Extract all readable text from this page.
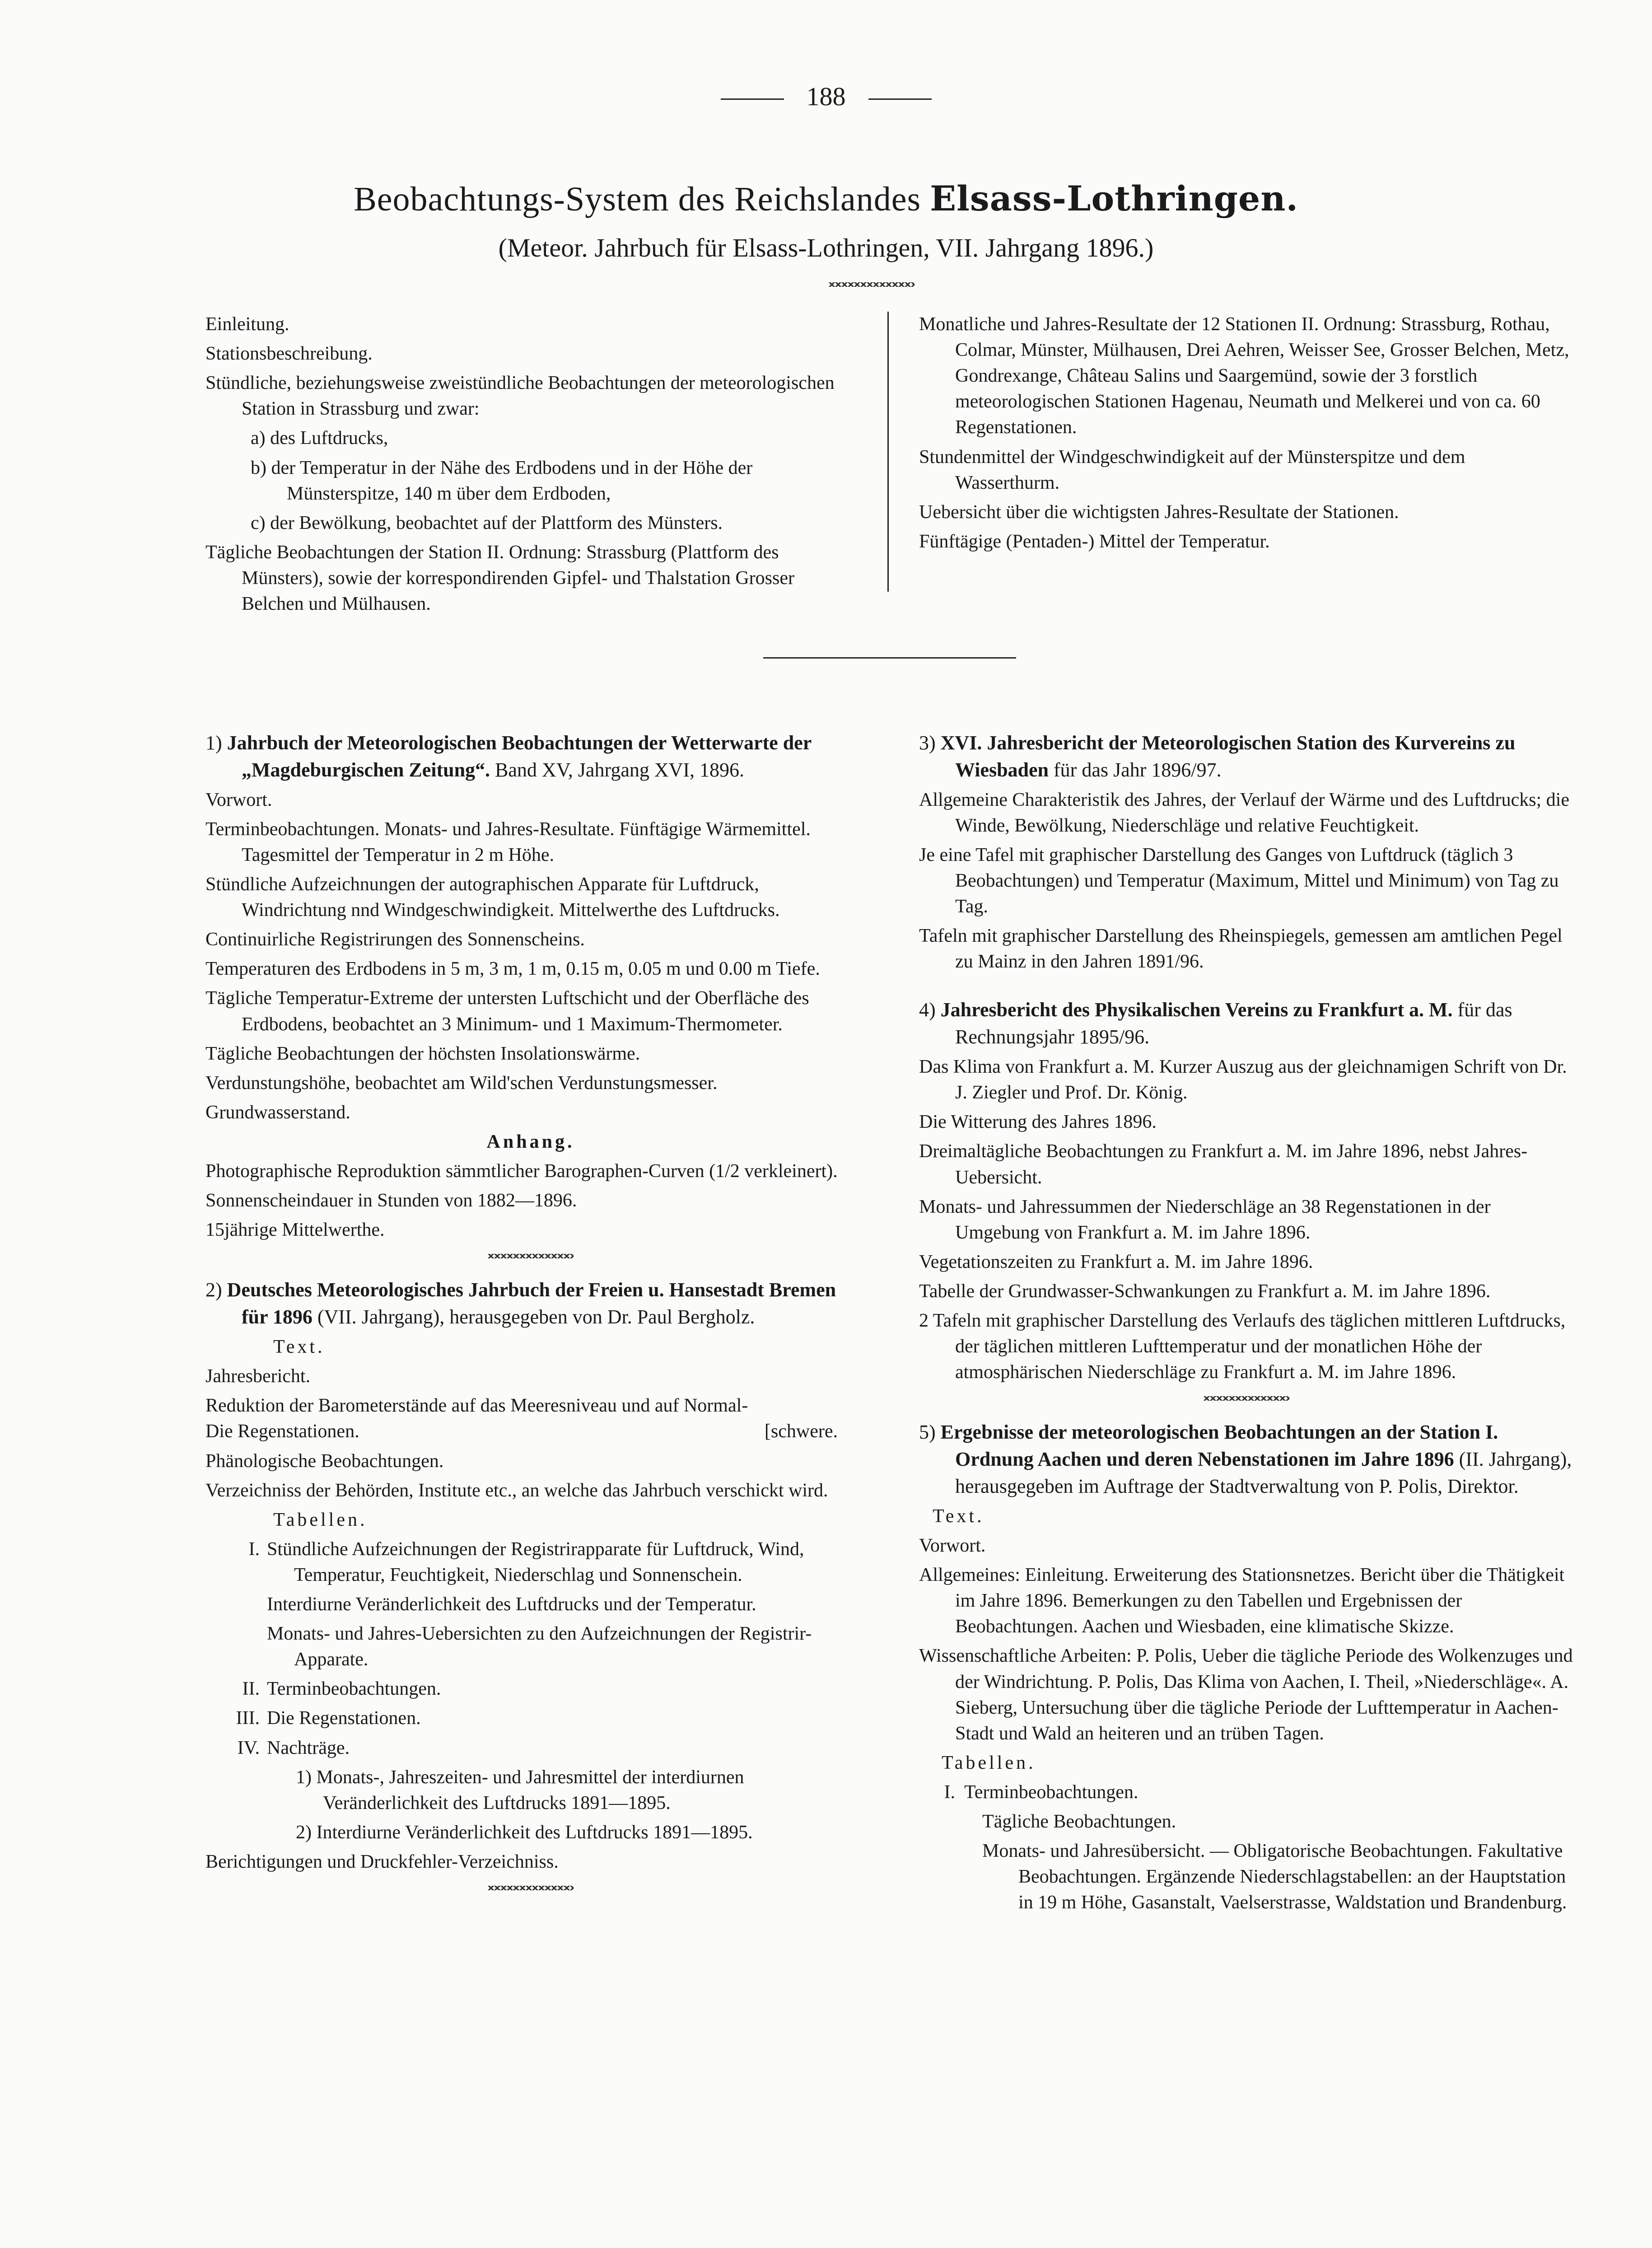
188
Beobachtungs-System des Reichslandes Elsass-Lothringen.
(Meteor. Jahrbuch für Elsass-Lothringen, VII. Jahrgang 1896.)

Einleitung.

Stationsbeschreibung.

Stündliche, beziehungsweise zweistündliche Beobachtungen der meteorologischen Station in Strassburg und zwar:

a) des Luftdrucks,

b) der Temperatur in der Nähe des Erdbodens und in der Höhe der Münsterspitze, 140 m über dem Erdboden,

c) der Bewölkung, beobachtet auf der Plattform des Münsters.

Tägliche Beobachtungen der Station II. Ordnung: Strassburg (Plattform des Münsters), sowie der korrespondirenden Gipfel- und Thalstation Grosser Belchen und Mülhausen.

Monatliche und Jahres-Resultate der 12 Stationen II. Ordnung: Strassburg, Rothau, Colmar, Münster, Mülhausen, Drei Aehren, Weisser See, Grosser Belchen, Metz, Gondrexange, Château Salins und Saargemünd, sowie der 3 forstlich meteorologischen Stationen Hagenau, Neumath und Melkerei und von ca. 60 Regenstationen.

Stundenmittel der Windgeschwindigkeit auf der Münsterspitze und dem Wasserthurm.

Uebersicht über die wichtigsten Jahres-Resultate der Stationen.

Fünftägige (Pentaden-) Mittel der Temperatur.

1) Jahrbuch der Meteorologischen Beobachtungen der Wetterwarte der „Magdeburgischen Zeitung“. Band XV, Jahrgang XVI, 1896.

Vorwort.

Terminbeobachtungen. Monats- und Jahres-Resultate. Fünftägige Wärmemittel. Tagesmittel der Temperatur in 2 m Höhe.

Stündliche Aufzeichnungen der autographischen Apparate für Luftdruck, Windrichtung nnd Windgeschwindigkeit. Mittelwerthe des Luftdrucks.

Continuirliche Registrirungen des Sonnenscheins.

Temperaturen des Erdbodens in 5 m, 3 m, 1 m, 0.15 m, 0.05 m und 0.00 m Tiefe.

Tägliche Temperatur-Extreme der untersten Luftschicht und der Oberfläche des Erdbodens, beobachtet an 3 Minimum- und 1 Maximum-Thermometer.

Tägliche Beobachtungen der höchsten Insolationswärme.

Verdunstungshöhe, beobachtet am Wild'schen Verdunstungsmesser.

Grundwasserstand.

Anhang.

Photographische Reproduktion sämmtlicher Barographen-Curven (1/2 verkleinert).

Sonnenscheindauer in Stunden von 1882—1896.

15jährige Mittelwerthe.

2) Deutsches Meteorologisches Jahrbuch der Freien u. Hansestadt Bremen für 1896 (VII. Jahrgang), herausgegeben von Dr. Paul Bergholz.

Text.

Jahresbericht.

Reduktion der Barometerstände auf das Meeresniveau und auf Normal-

Die Regenstationen.	[schwere.

Phänologische Beobachtungen.

Verzeichniss der Behörden, Institute etc., an welche das Jahrbuch verschickt wird.

Tabellen.

I. Stündliche Aufzeichnungen der Registrirapparate für Luftdruck, Wind, Temperatur, Feuchtigkeit, Niederschlag und Sonnenschein.

Interdiurne Veränderlichkeit des Luftdrucks und der Temperatur.

Monats- und Jahres-Uebersichten zu den Aufzeichnungen der Registrir-Apparate.

II. Terminbeobachtungen.

III. Die Regenstationen.

IV. Nachträge.

1) Monats-, Jahreszeiten- und Jahresmittel der interdiurnen Veränderlichkeit des Luftdrucks 1891—1895.

2) Interdiurne Veränderlichkeit des Luftdrucks 1891—1895.

Berichtigungen und Druckfehler-Verzeichniss.

3) XVI. Jahresbericht der Meteorologischen Station des Kurvereins zu Wiesbaden für das Jahr 1896/97.

Allgemeine Charakteristik des Jahres, der Verlauf der Wärme und des Luftdrucks; die Winde, Bewölkung, Niederschläge und relative Feuchtigkeit.

Je eine Tafel mit graphischer Darstellung des Ganges von Luftdruck (täglich 3 Beobachtungen) und Temperatur (Maximum, Mittel und Minimum) von Tag zu Tag.

Tafeln mit graphischer Darstellung des Rheinspiegels, gemessen am amtlichen Pegel zu Mainz in den Jahren 1891/96.

4) Jahresbericht des Physikalischen Vereins zu Frankfurt a. M. für das Rechnungsjahr 1895/96.

Das Klima von Frankfurt a. M. Kurzer Auszug aus der gleichnamigen Schrift von Dr. J. Ziegler und Prof. Dr. König.

Die Witterung des Jahres 1896.

Dreimaltägliche Beobachtungen zu Frankfurt a. M. im Jahre 1896, nebst Jahres-Uebersicht.

Monats- und Jahressummen der Niederschläge an 38 Regenstationen in der Umgebung von Frankfurt a. M. im Jahre 1896.

Vegetationszeiten zu Frankfurt a. M. im Jahre 1896.

Tabelle der Grundwasser-Schwankungen zu Frankfurt a. M. im Jahre 1896.

2 Tafeln mit graphischer Darstellung des Verlaufs des täglichen mittleren Luftdrucks, der täglichen mittleren Lufttemperatur und der monatlichen Höhe der atmosphärischen Niederschläge zu Frankfurt a. M. im Jahre 1896.

5) Ergebnisse der meteorologischen Beobachtungen an der Station I. Ordnung Aachen und deren Nebenstationen im Jahre 1896 (II. Jahrgang), herausgegeben im Auftrage der Stadtverwaltung von P. Polis, Direktor.

Text.

Vorwort.

Allgemeines: Einleitung. Erweiterung des Stationsnetzes. Bericht über die Thätigkeit im Jahre 1896. Bemerkungen zu den Tabellen und Ergebnissen der Beobachtungen. Aachen und Wiesbaden, eine klimatische Skizze.

Wissenschaftliche Arbeiten: P. Polis, Ueber die tägliche Periode des Wolkenzuges und der Windrichtung. P. Polis, Das Klima von Aachen, I. Theil, »Niederschläge«. A. Sieberg, Untersuchung über die tägliche Periode der Lufttemperatur in Aachen-Stadt und Wald an heiteren und an trüben Tagen.

Tabellen.

I. Terminbeobachtungen.

Tägliche Beobachtungen.

Monats- und Jahresübersicht. — Obligatorische Beobachtungen. Fakultative Beobachtungen. Ergänzende Niederschlagstabellen: an der Hauptstation in 19 m Höhe, Gasanstalt, Vaelserstrasse, Waldstation und Brandenburg.
